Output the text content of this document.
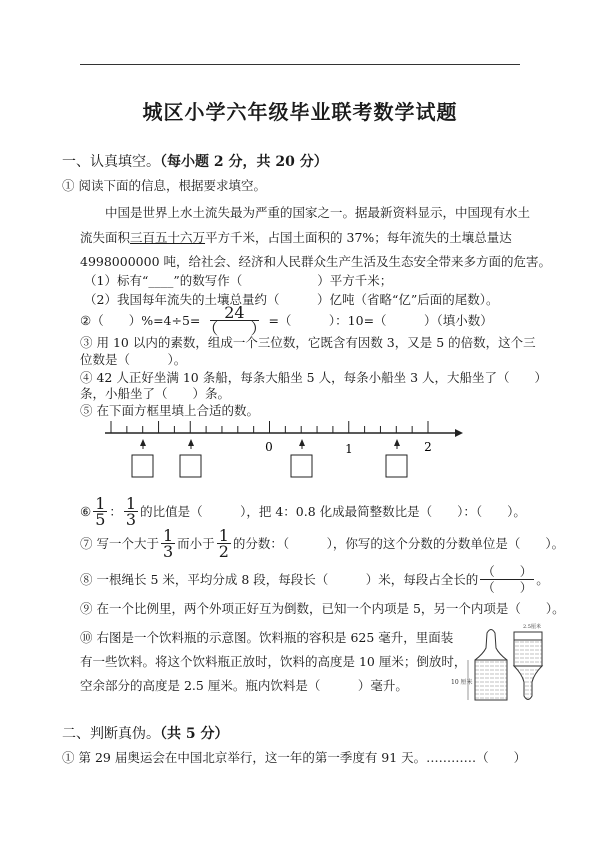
城区小学六年级毕业联考数学试题
一、认真填空。（每小题 2 分，共 20 分）
① 阅读下面的信息，根据要求填空。
中国是世界上水土流失最为严重的国家之一。据最新资料显示，中国现有水土
流失面积三百五十六万平方千米，占国土面积的 37%；每年流失的土壤总量达
4998000000 吨，给社会、经济和人民群众生产生活及生态安全带来多方面的危害。
（1）标有“____”的数写作（　　　　　　）平方千米；
（2）我国每年流失的土壤总量约（　　　）亿吨（省略“亿”后面的尾数）。
②（　　）$\%=4\div 5= \frac{24}{( )}$ =（　　　）：10=（　　　）（填小数）
③ 用 10 以内的素数，组成一个三位数，它既含有因数 3，又是 5 的倍数，这个三
位数是（　　　）。
④ 42 人正好坐满 10 条船，每条大船坐 5 人，每条小船坐 3 人，大船坐了（　　）
条，小船坐了（　　）条。
⑤ 在下面方框里填上合适的数。
0	1	2
⑥ $\frac{1}{5}$ ： $\frac{1}{3}$ 的比值是（　　　），把 4：0.8 化成最简整数比是（　　）：（　　）。
⑦ 写一个大于 $\frac{1}{3}$ 而小于 $\frac{1}{2}$ 的分数：（　　　），你写的这个分数的分数单位是（　　）。
⑧ 一根绳长 5 米，平均分成 8 段，每段长（　　　）米，每段占全长的 $\frac{( )}{( )}$ 。
⑨ 在一个比例里，两个外项正好互为倒数，已知一个内项是 5，另一个内项是（　　）。
⑩ 右图是一个饮料瓶的示意图。饮料瓶的容积是 625 毫升，里面装
有一些饮料。将这个饮料瓶正放时，饮料的高度是 10 厘米；倒放时，
空余部分的高度是 2.5 厘米。瓶内饮料是（　　　）毫升。	10 厘米
2.5厘米
二、判断真伪。（共 5 分）
① 第 29 届奥运会在中国北京举行，这一年的第一季度有 91 天。…………（　　）
